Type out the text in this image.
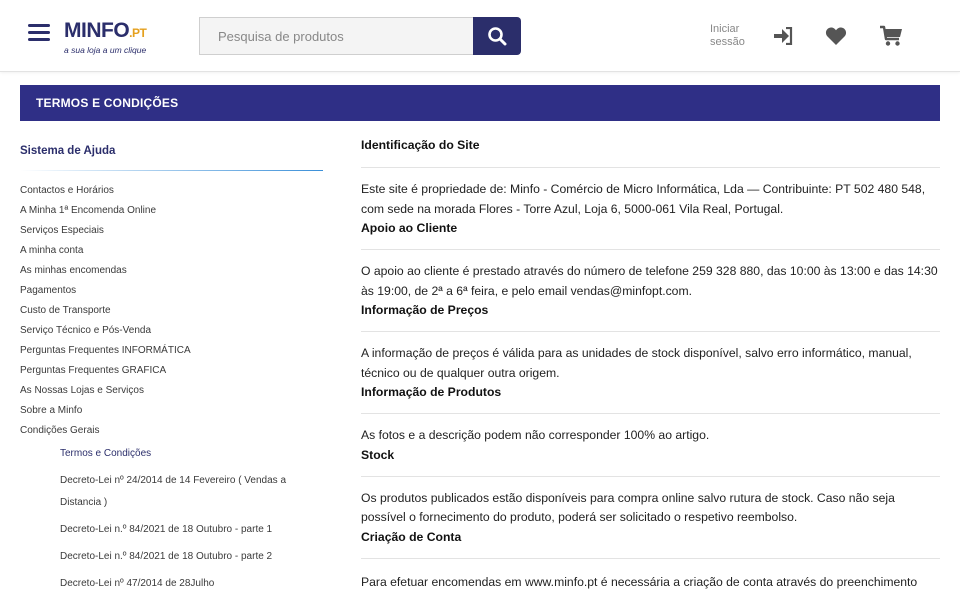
MINFO.PT
a sua loja a um clique
Pesquisa de produtos
Iniciar
sessão
TERMOS E CONDIÇÕES
Sistema de Ajuda
Contactos e Horários
A Minha 1ª Encomenda Online
Serviços Especiais
A minha conta
As minhas encomendas
Pagamentos
Custo de Transporte
Serviço Técnico e Pós-Venda
Perguntas Frequentes INFORMÁTICA
Perguntas Frequentes GRAFICA
As Nossas Lojas e Serviços
Sobre a Minfo
Condições Gerais
Termos e Condições
Decreto-Lei nº 24/2014 de 14 Fevereiro ( Vendas a Distancia )
Decreto-Lei n.º 84/2021 de 18 Outubro - parte 1
Decreto-Lei n.º 84/2021 de 18 Outubro - parte 2
Decreto-Lei nº 47/2014 de 28Julho
Identificação do Site
Este site é propriedade de: Minfo - Comércio de Micro Informática, Lda — Contribuinte: PT 502 480 548, com sede na morada Flores - Torre Azul, Loja 6, 5000-061 Vila Real, Portugal.
Apoio ao Cliente
O apoio ao cliente é prestado através do número de telefone 259 328 880, das 10:00 às 13:00 e das 14:30 às 19:00, de 2ª a 6ª feira, e pelo email vendas@minfopt.com.
Informação de Preços
A informação de preços é válida para as unidades de stock disponível, salvo erro informático, manual, técnico ou de qualquer outra origem.
Informação de Produtos
As fotos e a descrição podem não corresponder 100% ao artigo.
Stock
Os produtos publicados estão disponíveis para compra online salvo rutura de stock. Caso não seja possível o fornecimento do produto, poderá ser solicitado o respetivo reembolso.
Criação de Conta
Para efetuar encomendas em www.minfo.pt é necessária a criação de conta através do preenchimento
